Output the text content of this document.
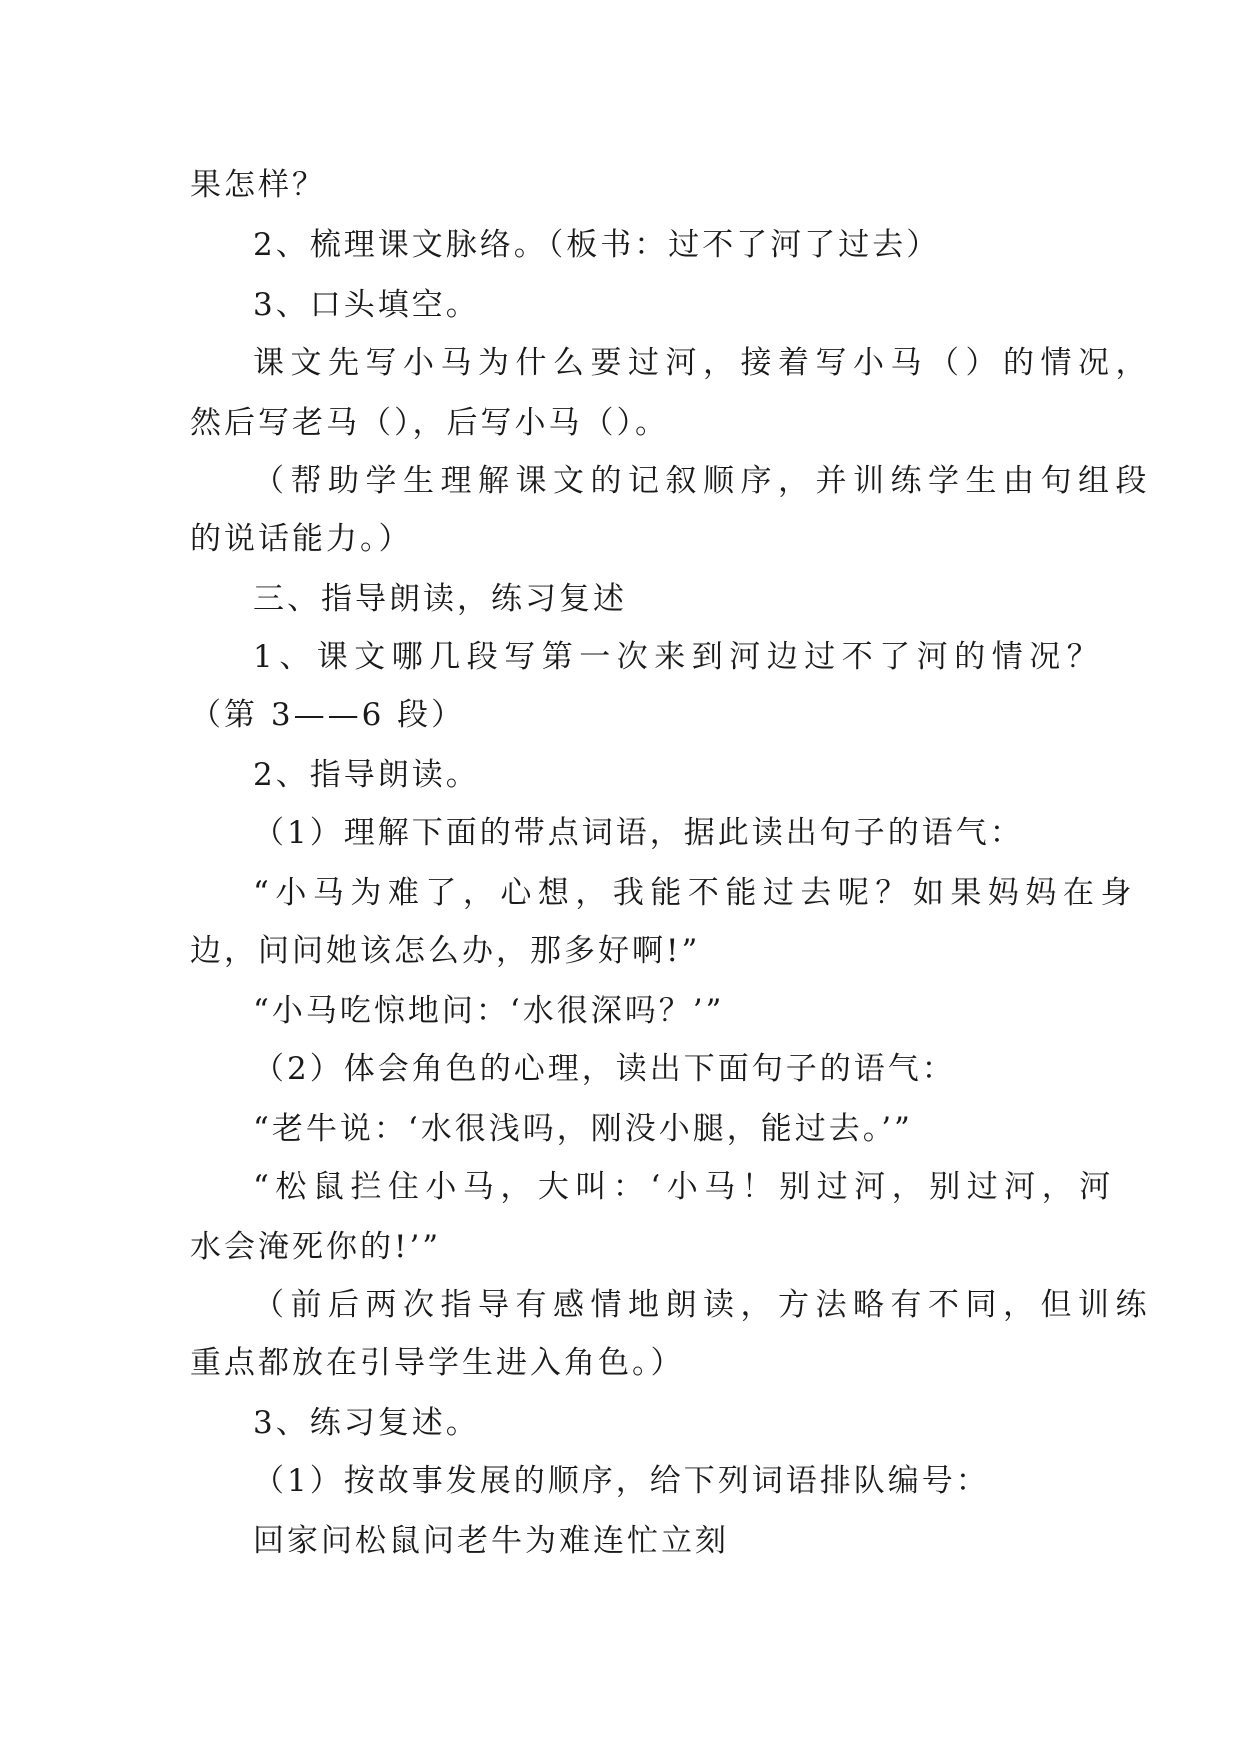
果怎样？
2、梳理课文脉络。（板书：过不了河了过去）
3、口头填空。
课文先写小马为什么要过河，接着写小马（）的情况，
然后写老马（），后写小马（）。
（帮助学生理解课文的记叙顺序，并训练学生由句组段
的说话能力。）
三、指导朗读，练习复述
1、课文哪几段写第一次来到河边过不了河的情况？
（第 3——6 段）
2、指导朗读。
（1）理解下面的带点词语，据此读出句子的语气：
“小马为难了，心想，我能不能过去呢？如果妈妈在身
边，问问她该怎么办，那多好啊!”
“小马吃惊地问：‘水很深吗？’”
（2）体会角色的心理，读出下面句子的语气：
“老牛说：‘水很浅吗，刚没小腿，能过去。’”
“松鼠拦住小马，大叫：‘小马！别过河，别过河，河
水会淹死你的!’”
（前后两次指导有感情地朗读，方法略有不同，但训练
重点都放在引导学生进入角色。）
3、练习复述。
（1）按故事发展的顺序，给下列词语排队编号：
回家问松鼠问老牛为难连忙立刻
